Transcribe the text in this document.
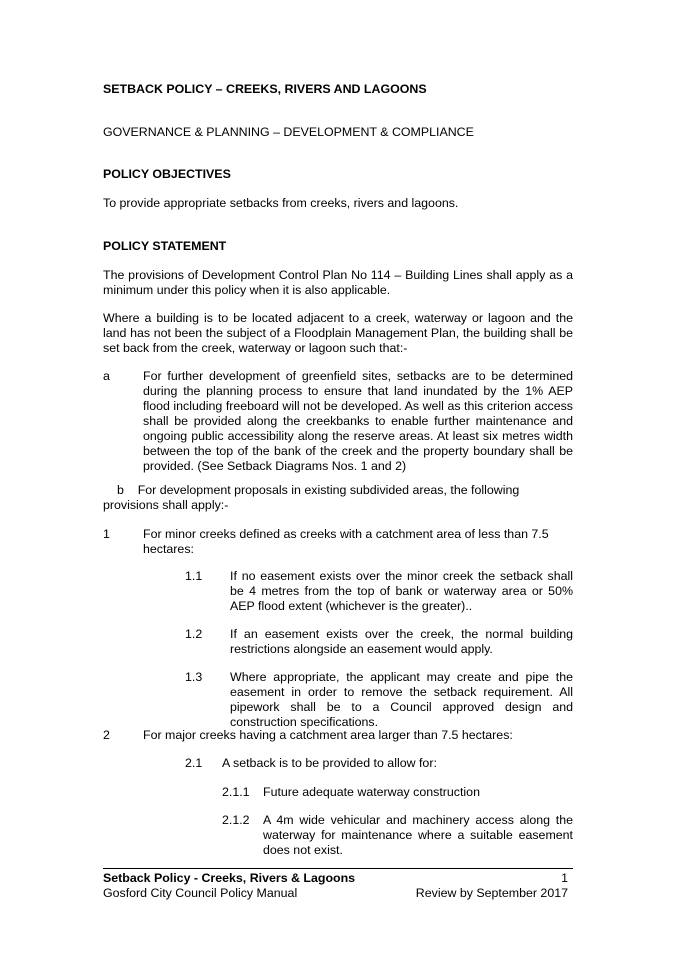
SETBACK POLICY – CREEKS, RIVERS AND LAGOONS
GOVERNANCE & PLANNING – DEVELOPMENT & COMPLIANCE
POLICY OBJECTIVES
To provide appropriate setbacks from creeks, rivers and lagoons.
POLICY STATEMENT
The provisions of Development Control Plan No 114 – Building Lines shall apply as a minimum under this policy when it is also applicable.
Where a building is to be located adjacent to a creek, waterway or lagoon and the land has not been the subject of a Floodplain Management Plan, the building shall be set back from the creek, waterway or lagoon such that:-
a	For further development of greenfield sites, setbacks are to be determined during the planning process to ensure that land inundated by the 1% AEP flood including freeboard will not be developed. As well as this criterion access shall be provided along the creekbanks to enable further maintenance and ongoing public accessibility along the reserve areas. At least six metres width between the top of the bank of the creek and the property boundary shall be provided. (See Setback Diagrams Nos. 1 and 2)
b For development proposals in existing subdivided areas, the following provisions shall apply:-
1	For minor creeks defined as creeks with a catchment area of less than 7.5 hectares:
1.1 If no easement exists over the minor creek the setback shall be 4 metres from the top of bank or waterway area or 50% AEP flood extent (whichever is the greater)..
1.2 If an easement exists over the creek, the normal building restrictions alongside an easement would apply.
1.3 Where appropriate, the applicant may create and pipe the easement in order to remove the setback requirement. All pipework shall be to a Council approved design and construction specifications.
2	For major creeks having a catchment area larger than 7.5 hectares:
2.1 A setback is to be provided to allow for:
2.1.1 Future adequate waterway construction
2.1.2 A 4m wide vehicular and machinery access along the waterway for maintenance where a suitable easement does not exist.
Setback Policy - Creeks, Rivers & Lagoons	1
Gosford City Council Policy Manual	Review by September 2017
